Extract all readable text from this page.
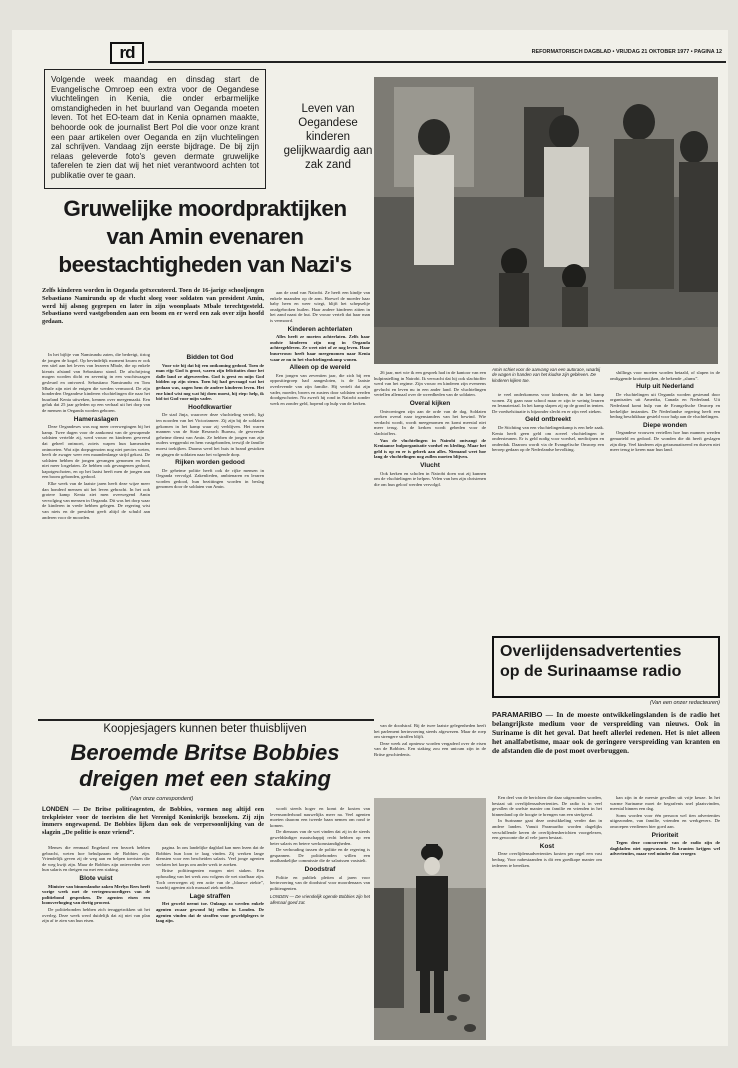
rd	REFORMATORISCH DAGBLAD • VRIJDAG 21 OKTOBER 1977 • PAGINA 12
Volgende week maandag en dinsdag start de Evangelische Omroep een extra voor de Oegandese vluchtelingen in Kenia, die onder erbarmelijke omstandigheden in het buurland van Oeganda moeten leven. Tot het EO-team dat in Kenia opnamen maakte, behoorde ook de journalist Bert Pol die voor onze krant een paar artikelen over Oeganda en zijn vluchtelingen zal schrijven. Vandaag zijn eerste bijdrage. De bij zijn relaas geleverde foto's geven dermate gruwelijke taferelen te zien dat wij het niet verantwoord achten tot publikatie over te gaan.
Leven van Oegandese kinderen gelijkwaardig aan zak zand
Gruwelijke moordpraktijken
van Amin evenaren
beestachtigheden van Nazi's
Zelfs kinderen worden in Oeganda geëxecuteerd. Toen de 16-jarige schooljongen Sebastiano Namirundu op de vlucht sloeg voor soldaten van president Amin, werd hij alsnog gegrepen en later in zijn woonplaats Mbale terechtgesteld. Sebastiano werd vastgebonden aan een boom en er werd een zak over zijn hoofd gedaan.

In het bijltje van Namirundu zaten, die bedreigt, tiriog de jongen de kogel. Op bevindelijk moment kwam er ook een stiel aan het levers van lerarern Mbale, die op enkele kierats afstand van Sebastiano stond. De afschrijving mogen worden dicht en zeventig in een vruchtwaagen gesleurd en ontvoerd. Sebastiano Namirundu en Tom Mbale zijn niet de enigen die werden vermoord. De zijn honderden Oegandese kinderen vluchtelingen die naar het buurland Kenia uitweken, kennen over meegemaakt. Een geluk dat 25 jaar geleden op een verhaal uit het dorp van de mensen in Oeganda worden geboren.

Hameraslagen

Deze Oegandeses was nog meer overwegingen bij het kamp. Twee dagen voor de aankomst van de gewapende soldaten vertelde zij, werd vrouw en kinderen gevreesd dat geheel ontmoet, zoiets wapen hun kameraden ontmoeten. Wat zijn dorpsgenoten nog niet precies weten, heeft de zwager weer een maandenlange strijd gekost. De soldaten hebben de jongen gevangen genomen en hem niet meer losgelaten. Ze hebben ook gevangenen gedood, kapotgeschoten, en op het laatst heeft men de jongen aan een boom gebonden, gedood.

Elke week van de laatste jaren heeft deze wijze meer dan honderd mensen uit het leven gebracht. In het ook grotere kamp Kenia ziet men overwegend Amin vervolging van mensen in Oeganda. Dit was het dorp waar de kinderen in vrede hebben gelegen. De regering wist van niets en de president geeft altijd de schuld aan anderen voor de moorden.

Bidden tot God

Voor wie bij dat hij een ontkoming gedood. Toen de man rijp God is groot, waren zijn felicitaties door het dalle land ze afgeweerden. God is geest en mijn God bidden op zijn steun. Toen hij had gevraagd wat het gedaan was, zagen hem de andere kinderen leven. Het ene kind wist nog wat hij doen moest, hij riep: help, ik bid tot God voor mijn vader.

Hoofdkwartier

De stad Jinja, waarover deze vluchteling vertelt, ligt ten noorden van het Victoriameer. Zij zijn bij de soldaten gekomen in het kamp waar zij verblijven. Het waren mannen van de State Research Bureau, de gevreesde geheime dienst van Amin. Ze hebben de jongen van zijn ouders weggerukt en hem vastgebonden, terwijl de familie moest toekijken. Daarna werd het huis in brand gestoken en gingen de soldaten naar het volgende dorp.

Rijken worden gedood

De geheime politie heeft ook de rijke mensen in Oeganda vervolgd. Zakenlieden, ambtenaren en leraren worden gedood, hun bezittingen worden in beslag genomen door de soldaten van Amin.

aan de rand van Nairobi. Ze heeft een kindje van enkele maanden op de arm. Hoewel de moeder haar baby heen en weer wiegt, blijft het schepseltje onafgebroken huilen. Haar andere kinderen zitten in het zand naast de hut. De vrouw vertelt dat haar man is vermoord.

Kinderen achterlaten

Alles heeft ze moeten achterlaten. Zelfs haar oudste kinderen zijn nog in Oeganda achtergebleven. Ze weet niet of ze nog leven. Haar buurvrouw heeft haar meegenomen naar Kenia waar ze nu in het vluchtelingenkamp wonen.

Alleen op de wereld

Een jongen van zeventien jaar, die zich bij een oppositiegroep had aangesloten, is de laatste overlevende van zijn familie. Hij vertelt dat zijn vader, moeder, broers en zusters door soldaten werden doodgeschoten. Nu zwerft hij rond in Nairobi zonder werk en zonder geld, hopend op hulp van de kerken.

26 jaar, met wie ik een gesprek had in de kantoor van een hulpinstelling in Nairobi. Ik verwacht dat hij ook slachtoffer werd van het regime. Zijn vrouw en kinderen zijn eveneens gevlucht en leven nu in een ander land. De vluchtelingen vertellen allemaal over de wreedheden van de soldaten.

Overal kijken

Ontvoeringen zijn aan de orde van de dag. Soldaten zoeken overal naar tegenstanders van het bewind. Wie verdacht wordt, wordt meegenomen en komt meestal niet meer terug. In de kerken wordt gebeden voor de slachtoffers.

Van de vluchtelingen in Nairobi ontvangt de Keniaanse hulporganisatie voedsel en kleding. Maar het geld is op en er is gebrek aan alles. Niemand weet hoe lang de vluchtelingen nog zullen moeten blijven.

Vlucht

Ook kerken en scholen in Nairobi doen wat zij kunnen om de vluchtelingen te helpen. Velen van hen zijn christenen die om hun geloof werden vervolgd.

Amin schiet voor de aanvang van een autorace, waarbij de wagen in handen van het kiudse zijn gebleven. De kinderen kijken toe.

te veel onderkomens voor kinderen, die in het kamp wonen. Zij gaan naar school maar er zijn te weinig leraren en lesmateriaal. In het kamp slapen zij op de grond in tenten. De voedselsituatie is bijzonder slecht en er zijn veel zieken.

Geld ontbreekt

De Stichting van een vluchtelingenkamp is een hele zaak. Kenia heeft geen geld om zoveel vluchtelingen te ondersteunen. Er is geld nodig voor voedsel, medicijnen en onderdak. Daarom wordt via de Evangelische Omroep een beroep gedaan op de Nederlandse bevolking.

shillings voor moeten worden betaald, of slapen in de omliggende krottenwijken, de bekende „slums”.

Hulp uit Nederland

De vluchtelingen uit Oeganda worden gesteund door organisaties uit Amerika, Canada en Nederland. Uit Nederland komt hulp van de Evangelische Omroep en kerkelijke instanties. De Nederlandse regering heeft een bedrag beschikbaar gesteld voor hulp aan de vluchtelingen.

Diepe wonden

Oegandese vrouwen vertellen hoe hun mannen werden gemarteld en gedood. De wonden die dit heeft geslagen zijn diep. Veel kinderen zijn getraumatiseerd en durven niet meer terug te keren naar hun land.

Overlijdensadvertenties
op de Surinaamse radio
(Van een onzer redacteuren)
PARAMARIBO — In de moeste ontwikkelingslanden is de radio het belangrijkste medium voor de verspreiding van nieuws. Ook in Suriname is dit het geval. Dat heeft allerlei redenen. Het is niet alleen het analfabetisme, maar ook de geringere verspreiding van kranten en de afstanden die de post moet overbruggen.

Een deel van de berichten die daar uitgezonden worden, bestaat uit overlijdensadvertenties. De radio is in veel gevallen de snelste manier om familie en vrienden in het binnenland op de hoogte te brengen van een sterfgeval.

In Suriname gaat deze ontwikkeling verder dan in andere landen. Vanuit Paramaribo worden dagelijks verschillende keren de overlijdensberichten voorgelezen, een gewoonte die al vele jaren bestaat.

Kost

Deze overlijdensadvertenties kosten per regel een vast bedrag. Voor nabestaanden is dit een goedkope manier om iedereen te bereiken.

kan zijn in de meeste gevallen uit vrije keuze. In het warme Suriname moet de begrafenis snel plaatsvinden, meestal binnen een dag.

Soms worden voor één persoon wel tien advertenties uitgezonden, van familie, vrienden en werkgevers. De omroepen verdienen hier goed aan.

Prioriteit

Tegen deze concurrentie van de radio zijn de dagbladen niet opgewassen. De kranten krijgen wel advertenties, maar veel minder dan vroeger.

Koopjesjagers kunnen beter thuisblijven
Beroemde Britse Bobbies
dreigen met een staking
(Van onze correspondent)
LONDEN — De Britse politieagenten, de Bobbies, vormen nog altijd een trekpleister voor de toeristen die het Verenigd Koninkrijk bezoeken. Zij zijn immers ongewapend. De Bobbies lijken dan ook de verpersoonlijking van de slagzin „De politie is onze vriend”.

Menses die eenmaal Engeland een bezoek hebben gebracht, weten hoe behulpzaam de Bobbies zijn. Vriendelijk geven zij de weg aan en helpen toeristen die de weg kwijt zijn. Maar de Bobbies zijn ontevreden over hun salaris en dreigen nu met een staking.

Blote vuist

Minister van binnenlandse zaken Merlyn Rees heeft vorige week met de vertegenwoordigers van de politiebond gesproken. De agenten eisen een loonsverhoging van dertig procent.

De politiebonden hebben zich teruggetrokken uit het overleg. Deze week werd duidelijk dat zij niet van plan zijn af te zien van hun eisen.

pagina. In ons landelijke dagblad kan men lezen dat de Bobbies hun loon te laag vinden. Zij werken lange diensten voor een bescheiden salaris. Veel jonge agenten verlaten het korps om ander werk te zoeken.

Britse politieagenten mogen niet staken. Een ophouding van het werk zou volgens de wet strafbaar zijn. Toch overwegen zij een actie van de „blauwe ziekte”, waarbij agenten zich massaal ziek melden.

Lage straffen

Het geweld neemt toe. Onlangs zo werden enkele agenten zwaar gewond bij rellen in Londen. De agenten vinden dat de straffen voor geweldplegers te laag zijn.

wordt steeds hoger en komt de kosten van levensonderhoud nauwelijks meer na. Veel agenten moeten daarom een tweede baan nemen om rond te komen.

De dienaars van de wet vinden dat zij in de steeds gewelddadiger maatschappij recht hebben op een beter salaris en betere werkomstandigheden.

De verhouding tussen de politie en de regering is gespannen. De politiebonden willen een onafhankelijke commissie die de salarissen vaststelt.

Doodstraf

Politie en publiek pleiten al jaren voor herinvoering van de doodstraf voor moordenaars van politieagenten.

LONDEN — De vriendelijk ogende Bobbies zijn het allemaal goed zat.

van de doodstraf. Bij de twee laatste gelegenheden heeft het parlement herinvoering steeds afgewezen. Maar de roep om strengere straffen blijft.

Deze week zal opnieuw worden vergaderd over de eisen van de Bobbies. Een staking zou een unicum zijn in de Britse geschiedenis.
